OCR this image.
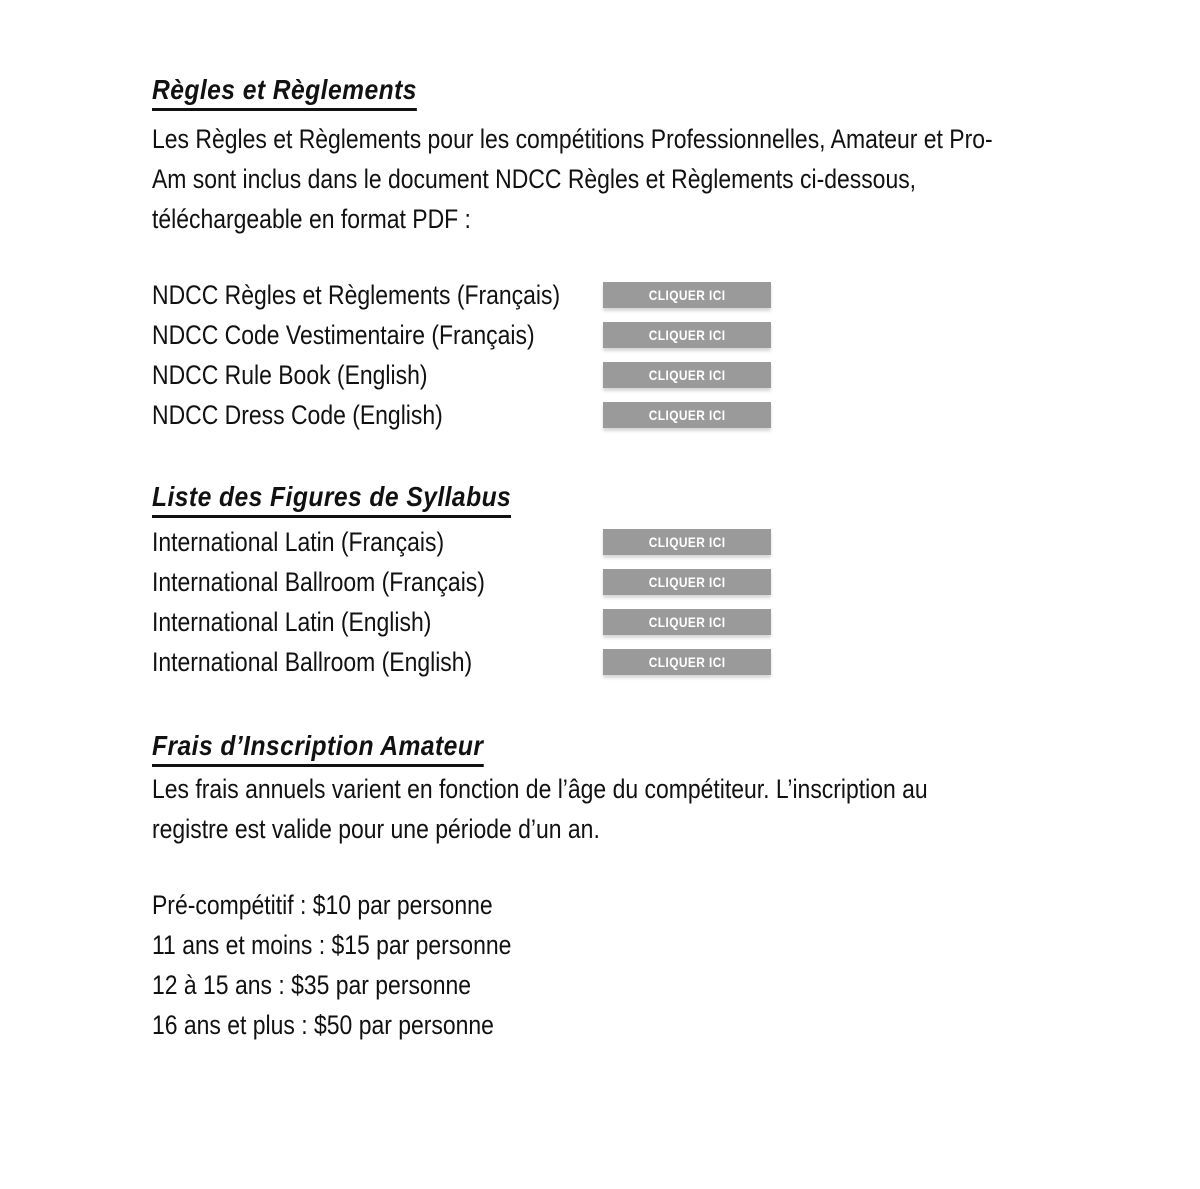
Règles et Règlements
Les Règles et Règlements pour les compétitions Professionnelles, Amateur et Pro-
Am sont inclus dans le document NDCC Règles et Règlements ci-dessous,
téléchargeable en format PDF :
NDCC Règles et Règlements (Français)	CLIQUER ICI
NDCC Code Vestimentaire (Français)	CLIQUER ICI
NDCC Rule Book (English)	CLIQUER ICI
NDCC Dress Code (English)	CLIQUER ICI
Liste des Figures de Syllabus
International Latin (Français)	CLIQUER ICI
International Ballroom (Français)	CLIQUER ICI
International Latin (English)	CLIQUER ICI
International Ballroom (English)	CLIQUER ICI
Frais d’Inscription Amateur
Les frais annuels varient en fonction de l’âge du compétiteur. L’inscription au
registre est valide pour une période d’un an.
Pré-compétitif : $10 par personne
11 ans et moins : $15 par personne
12 à 15 ans : $35 par personne
16 ans et plus : $50 par personne
